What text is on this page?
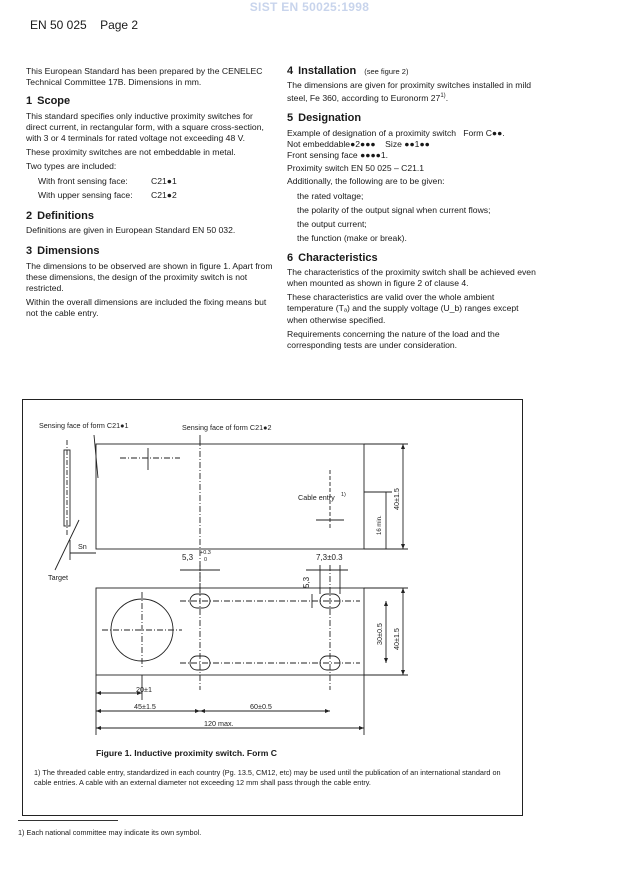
SIST EN 50025:1998
EN 50 025 Page 2

This European Standard has been prepared by the CENELEC Technical Committee 17B. Dimensions in mm.

1 Scope

This standard specifies only inductive proximity switches for direct current, in rectangular form, with a square cross-section, with 3 or 4 terminals for rated voltage not exceeding 48 V.

These proximity switches are not embeddable in metal.

Two types are included:

With front sensing face:	C21●1
With upper sensing face:	C21●2
2 Definitions

Definitions are given in European Standard EN 50 032.

3 Dimensions

The dimensions to be observed are shown in figure 1. Apart from these dimensions, the design of the proximity switch is not restricted.

Within the overall dimensions are included the fixing means but not the cable entry.

4 Installation (see figure 2)

The dimensions are given for proximity switches installed in mild steel, Fe 360, according to Euronorm 27$^{1)}$.

5 Designation

Example of designation of a proximity switch Form C●●.

Not embeddable●2●●● Size ●●1●●

Front sensing face ●●●●1.

Proximity switch EN 50 025 – C21.1

Additionally, the following are to be given:

the rated voltage;

the polarity of the output signal when current flows;

the output current;

the function (make or break).

6 Characteristics

The characteristics of the proximity switch shall be achieved even when mounted as shown in figure 2 of clause 4.

These characteristics are valid over the whole ambient temperature (Tₐ) and the supply voltage (U_b) ranges except when otherwise specified.

Requirements concerning the nature of the load and the corresponding tests are under consideration.

Sensing face of form C21●1	Sensing face of form C21●2
Cable entry 1)
Target
Sn
5,3 +0.3
0	7,3±0.3
20±1
45±1.5	60±0.5
120 max.
40±1.5
16 min.
40±1.5
30±0.5
5,3
Figure 1. Inductive proximity switch. Form C
1) The threaded cable entry, standardized in each country (Pg. 13.5, CM12, etc) may be used until the publication of an international standard on cable entries. A cable with an external diameter not exceeding 12 mm shall pass through the cable entry.
1) Each national committee may indicate its own symbol.
